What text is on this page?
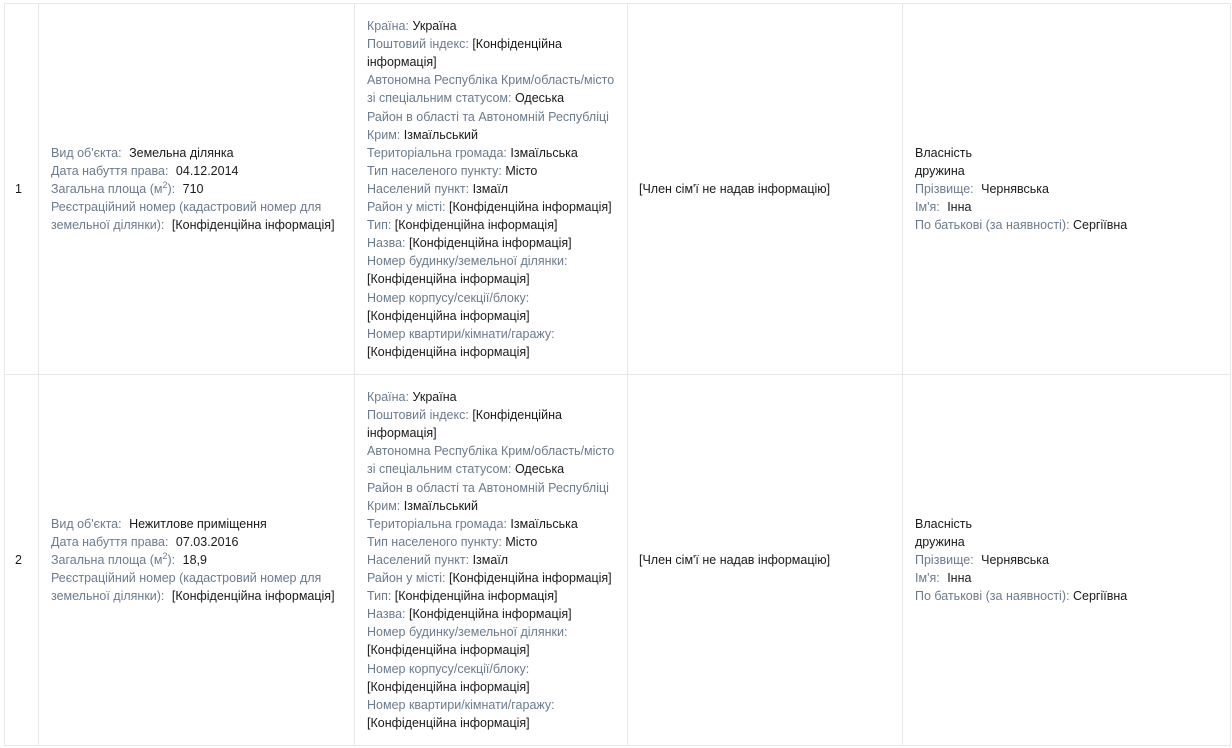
1
Вид об'єкта: Земельна ділянка
Дата набуття права: 04.12.2014
Загальна площа $(м^2)$: 710
Реєстраційний номер (кадастровий номер для земельної ділянки): [Конфіденційна інформація]
Країна: Україна
Поштовий індекс: [Конфіденційна інформація]
Автономна Республіка Крим/область/місто зі спеціальним статусом: Одеська
Район в області та Автономній Республіці Крим: Ізмаїльський
Територіальна громада: Ізмаїльська
Тип населеного пункту: Місто
Населений пункт: Ізмаїл
Район у місті: [Конфіденційна інформація]
Тип: [Конфіденційна інформація]
Назва: [Конфіденційна інформація]
Номер будинку/земельної ділянки:
[Конфіденційна інформація]
Номер корпусу/секції/блоку:
[Конфіденційна інформація]
Номер квартири/кімнати/гаражу:
[Конфіденційна інформація]
[Член сім'ї не надав інформацію]
Власність
дружина
Прізвище: Чернявська
Ім'я: Інна
По батькові (за наявності): Сергіївна
2
Вид об'єкта: Нежитлове приміщення
Дата набуття права: 07.03.2016
Загальна площа $(м^2)$: 18,9
Реєстраційний номер (кадастровий номер для земельної ділянки): [Конфіденційна інформація]
Країна: Україна
Поштовий індекс: [Конфіденційна інформація]
Автономна Республіка Крим/область/місто зі спеціальним статусом: Одеська
Район в області та Автономній Республіці Крим: Ізмаїльський
Територіальна громада: Ізмаїльська
Тип населеного пункту: Місто
Населений пункт: Ізмаїл
Район у місті: [Конфіденційна інформація]
Тип: [Конфіденційна інформація]
Назва: [Конфіденційна інформація]
Номер будинку/земельної ділянки:
[Конфіденційна інформація]
Номер корпусу/секції/блоку:
[Конфіденційна інформація]
Номер квартири/кімнати/гаражу:
[Конфіденційна інформація]
[Член сім'ї не надав інформацію]
Власність
дружина
Прізвище: Чернявська
Ім'я: Інна
По батькові (за наявності): Сергіївна
